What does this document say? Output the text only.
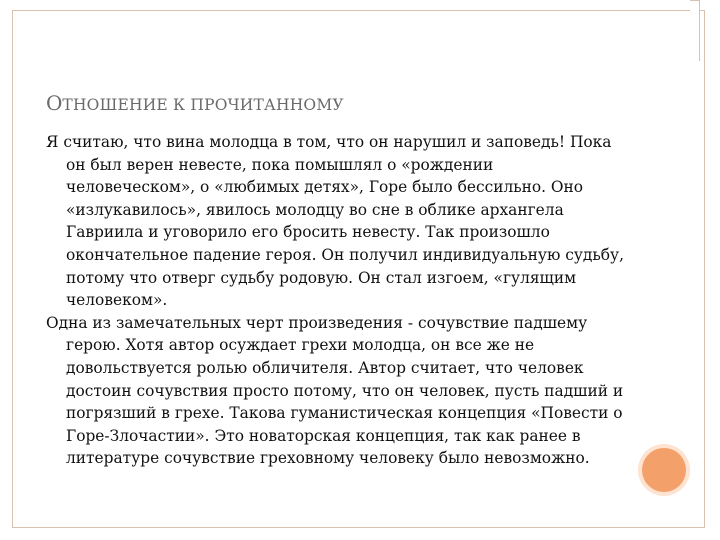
ОТНОШЕНИЕ К ПРОЧИТАННОМУ
Я считаю, что вина молодца в том, что он нарушил и заповедь! Пока он был верен невесте, пока помышлял о «рождении человеческом», о «любимых детях», Горе было бессильно. Оно «излукавилось», явилось молодцу во сне в облике архангела Гавриила и уговорило его бросить невесту. Так произошло окончательное падение героя. Он получил индивидуальную судьбу, потому что отверг судьбу родовую. Он стал изгоем, «гулящим человеком».
Одна из замечательных черт произведения - сочувствие падшему герою. Хотя автор осуждает грехи молодца, он все же не довольствуется ролью обличителя. Автор считает, что человек достоин сочувствия просто потому, что он человек, пусть падший и погрязший в грехе. Такова гуманистическая концепция «Повести о Горе-Злочастии». Это новаторская концепция, так как ранее в литературе сочувствие греховному человеку было невозможно.
